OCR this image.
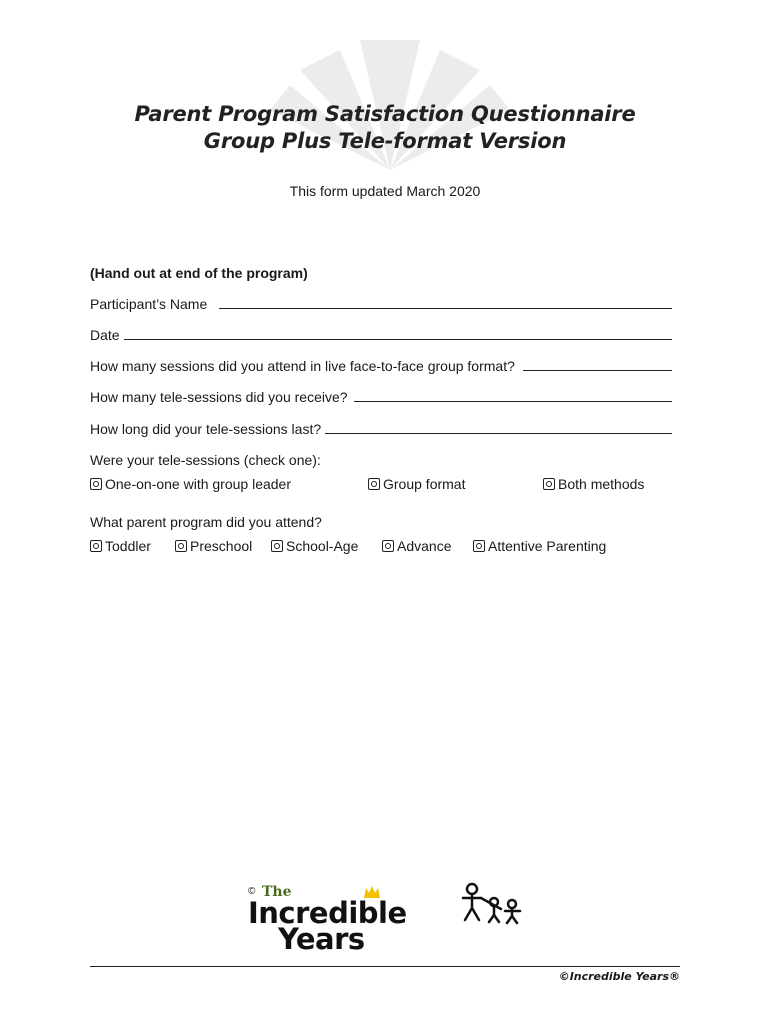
Parent Program Satisfaction Questionnaire
Group Plus Tele-format Version
This form updated March 2020
(Hand out at end of the program)
Participant’s Name
Date
How many sessions did you attend in live face-to-face group format?
How many tele-sessions did you receive?
How long did your tele-sessions last?
Were your tele-sessions (check one):
One-on-one with group leader	Group format	Both methods
What parent program did you attend?
Toddler	Preschool School-Age	Advance	Attentive Parenting
© The
Incredible
Years
©Incredible Years®
